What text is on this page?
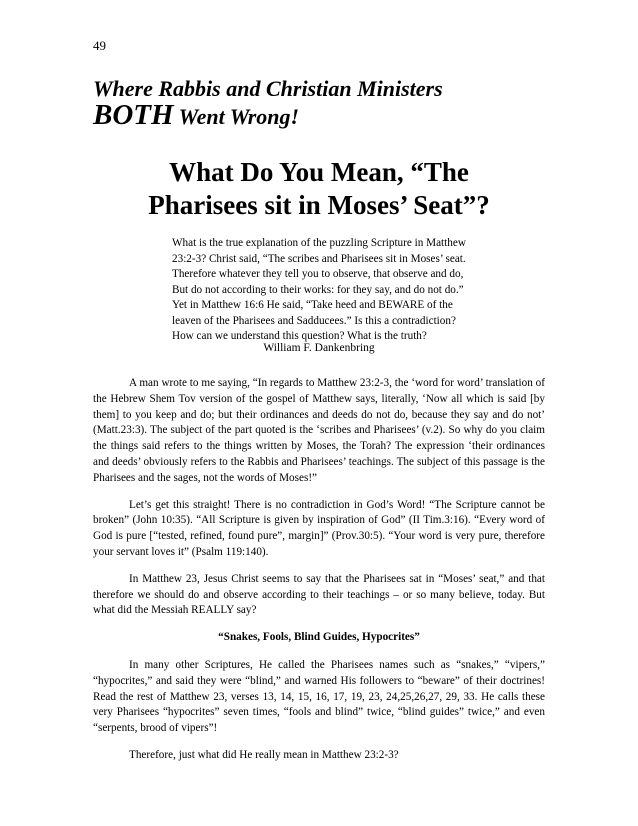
49
Where Rabbis and Christian Ministers
BOTH Went Wrong!
What Do You Mean, “The
Pharisees sit in Moses’ Seat”?
What is the true explanation of the puzzling Scripture in Matthew
23:2-3? Christ said, “The scribes and Pharisees sit in Moses’ seat.
Therefore whatever they tell you to observe, that observe and do,
But do not according to their works: for they say, and do not do.”
Yet in Matthew 16:6 He said, “Take heed and BEWARE of the
leaven of the Pharisees and Sadducees.” Is this a contradiction?
How can we understand this question? What is the truth?
William F. Dankenbring

A man wrote to me saying, “In regards to Matthew 23:2-3, the ‘word for word’ translation of the Hebrew Shem Tov version of the gospel of Matthew says, literally, ‘Now all which is said [by them] to you keep and do; but their ordinances and deeds do not do, because they say and do not’ (Matt.23:3). The subject of the part quoted is the ‘scribes and Pharisees’ (v.2). So why do you claim the things said refers to the things written by Moses, the Torah? The expression ‘their ordinances and deeds’ obviously refers to the Rabbis and Pharisees’ teachings. The subject of this passage is the Pharisees and the sages, not the words of Moses!”

Let’s get this straight! There is no contradiction in God’s Word! “The Scripture cannot be broken” (John 10:35). “All Scripture is given by inspiration of God” (II Tim.3:16). “Every word of God is pure [“tested, refined, found pure”, margin]” (Prov.30:5). “Your word is very pure, therefore your servant loves it” (Psalm 119:140).

In Matthew 23, Jesus Christ seems to say that the Pharisees sat in “Moses’ seat,” and that therefore we should do and observe according to their teachings – or so many believe, today. But what did the Messiah REALLY say?

“Snakes, Fools, Blind Guides, Hypocrites”

In many other Scriptures, He called the Pharisees names such as “snakes,” “vipers,” “hypocrites,” and said they were “blind,” and warned His followers to “beware” of their doctrines! Read the rest of Matthew 23, verses 13, 14, 15, 16, 17, 19, 23, 24,25,26,27, 29, 33. He calls these very Pharisees “hypocrites” seven times, “fools and blind” twice, “blind guides” twice,” and even “serpents, brood of vipers”!

Therefore, just what did He really mean in Matthew 23:2-3?
